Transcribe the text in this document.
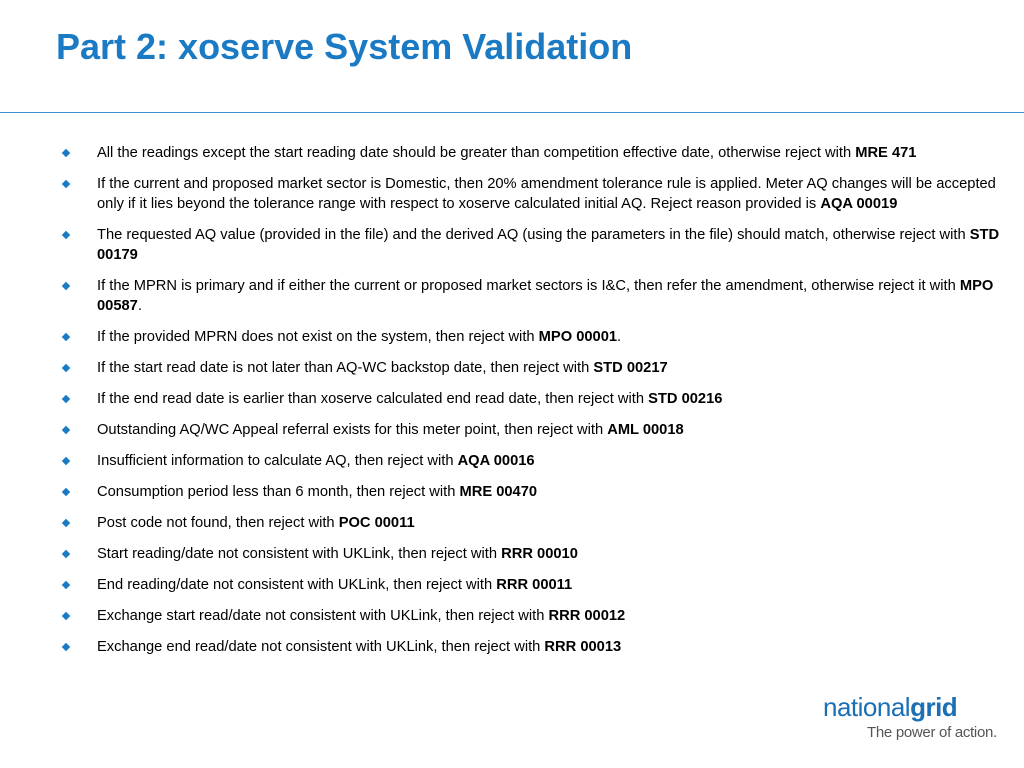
Part 2: xoserve System Validation
All the readings except the start reading date should be greater than competition effective date, otherwise reject with MRE 471
If the current and proposed market sector is Domestic, then 20% amendment tolerance rule is applied. Meter AQ changes will be accepted only if it lies beyond the tolerance range with respect to xoserve calculated initial AQ. Reject reason provided is AQA 00019
The requested AQ value (provided in the file) and the derived AQ (using the parameters in the file) should match, otherwise reject with STD 00179
If the MPRN is primary and if either the current or proposed market sectors is I&C, then refer the amendment, otherwise reject it with MPO 00587.
If the provided MPRN does not exist on the system, then reject with MPO 00001.
If the start read date is not later than AQ-WC backstop date, then reject with STD 00217
If the end read date is earlier than xoserve calculated end read date, then reject with STD 00216
Outstanding AQ/WC Appeal referral exists for this meter point, then reject with AML 00018
Insufficient information to calculate AQ, then reject with AQA 00016
Consumption period less than 6 month, then reject with MRE 00470
Post code not found, then reject with POC 00011
Start reading/date not consistent with UKLink, then reject with RRR 00010
End reading/date not consistent with UKLink, then reject with RRR 00011
Exchange start read/date not consistent with UKLink, then reject with RRR 00012
Exchange end read/date not consistent with UKLink, then reject with RRR 00013
nationalgrid
The power of action.
